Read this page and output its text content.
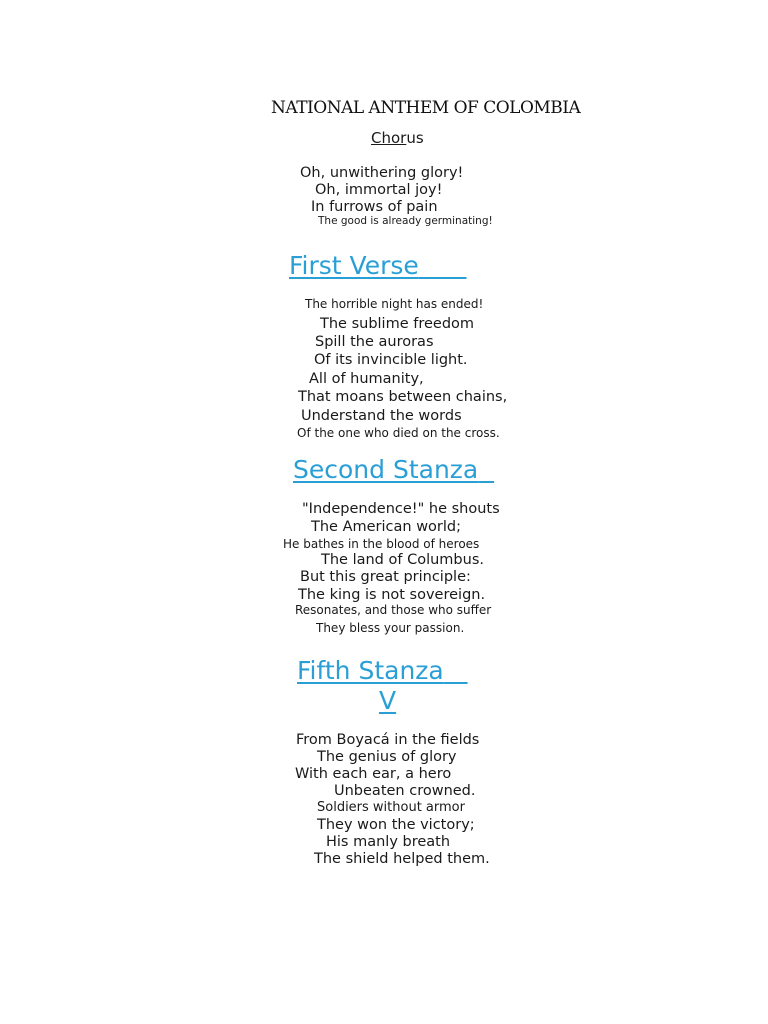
NATIONAL ANTHEM OF COLOMBIA
Chorus
Oh, unwithering glory!
Oh, immortal joy!
In furrows of pain
The good is already germinating!
First Verse
The horrible night has ended!
The sublime freedom
Spill the auroras
Of its invincible light.
All of humanity,
That moans between chains,
Understand the words
Of the one who died on the cross.
Second Stanza
"Independence!" he shouts
The American world;
He bathes in the blood of heroes
The land of Columbus.
But this great principle:
The king is not sovereign.
Resonates, and those who suffer
They bless your passion.
Fifth Stanza
V
From Boyacá in the fields
The genius of glory
With each ear, a hero
Unbeaten crowned.
Soldiers without armor
They won the victory;
His manly breath
The shield helped them.
